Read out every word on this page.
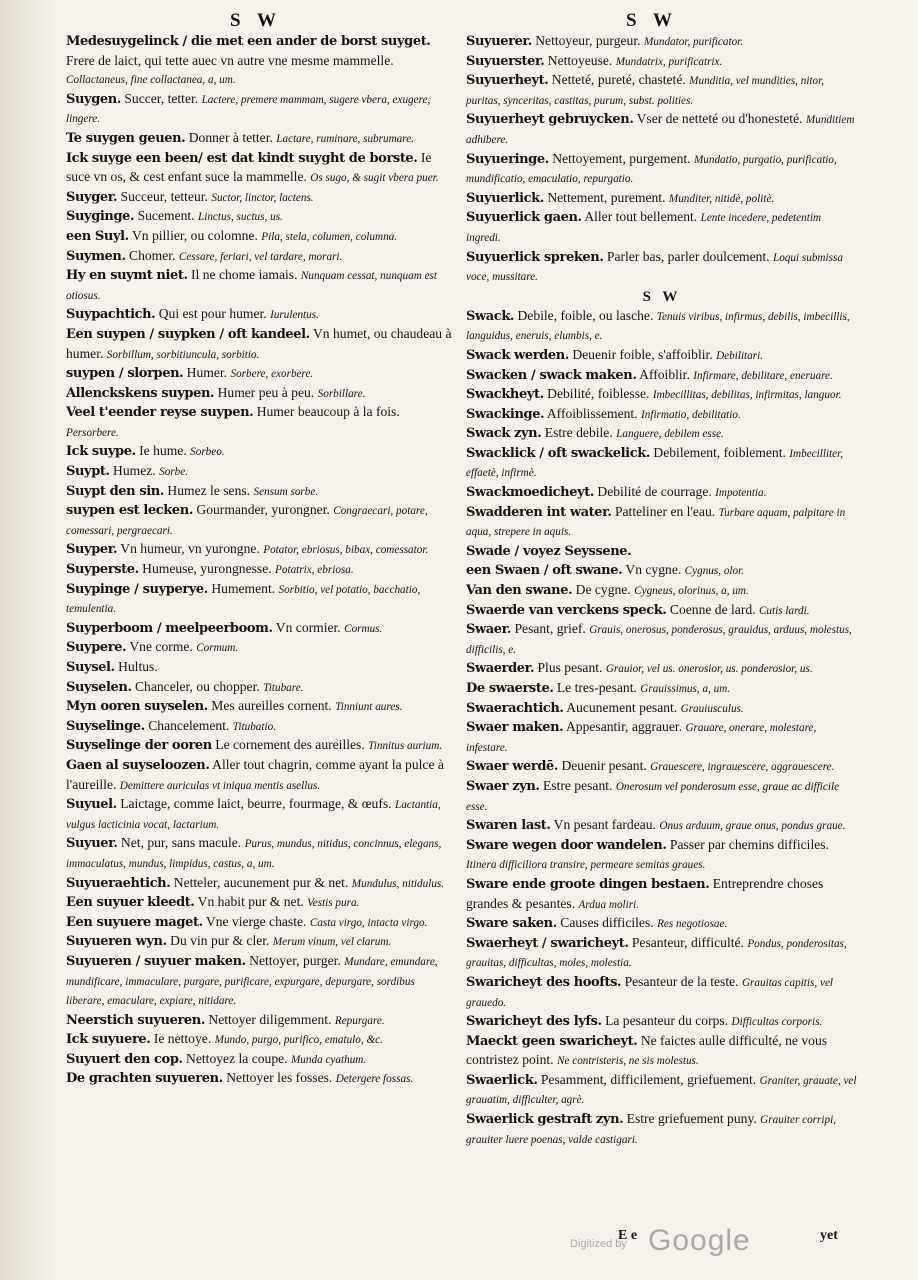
S W	S W

Medesuygelinck / die met een ander de borst suyget. Frere de laict, qui tette auec vn autre vne mesme mammelle. Collactaneus, fine collactanea, a, um.

Suygen. Succer, tetter. Lactere, premere mammam, sugere vbera, exugere, lingere.

Te suygen geuen. Donner à tetter. Lactare, ruminare, subrumare.

Ick suyge een been/ est dat kindt suyght de borste. Ie suce vn os, & cest enfant suce la mammelle. Os sugo, & sugit vbera puer.

Suyger. Succeur, tetteur. Suctor, linctor, lactens.

Suyginge. Sucement. Linctus, suctus, us.

een Suyl. Vn pillier, ou colomne. Pila, stela, columen, columna.

Suymen. Chomer. Cessare, feriari, vel tardare, morari.

Hy en suymt niet. Il ne chome iamais. Nunquam cessat, nunquam est otiosus.

Suypachtich. Qui est pour humer. Iurulentus.

Een suypen / suypken / oft kandeel. Vn humet, ou chaudeau à humer. Sorbillum, sorbitiuncula, sorbitio.

suypen / slorpen. Humer. Sorbere, exorbere.

Allenckskens suypen. Humer peu à peu. Sorbillare.

Veel t'eender reyse suypen. Humer beaucoup à la fois. Persorbere.

Ick suype. Ie hume. Sorbeo.

Suypt. Humez. Sorbe.

Suypt den sin. Humez le sens. Sensum sorbe.

suypen est lecken. Gourmander, yurongner. Congraecari, potare, comessari, pergraecari.

Suyper. Vn humeur, vn yurongne. Potator, ebriosus, bibax, comessator.

Suyperste. Humeuse, yurongnesse. Potatrix, ebriosa.

Suypinge / suyperye. Humement. Sorbitio, vel potatio, bacchatio, temulentia.

Suyperboom / meelpeerboom. Vn cormier. Cormus.

Suypere. Vne corme. Cormum.

Suysel. Hultus.

Suyselen. Chanceler, ou chopper. Titubare.

Myn ooren suyselen. Mes aureilles cornent. Tinniunt aures.

Suyselinge. Chancelement. Titubatio.

Suyselinge der ooren Le cornement des aureilles. Tinnitus aurium.

Gaen al suyseloozen. Aller tout chagrin, comme ayant la pulce à l'aureille. Demittere auriculas vt iniqua mentis asellus.

Suyuel. Laictage, comme laict, beurre, fourmage, & œufs. Lactantia, vulgus lacticinia vocat, lactarium.

Suyuer. Net, pur, sans macule. Purus, mundus, nitidus, concinnus, elegans, immaculatus, mundus, limpidus, castus, a, um.

Suyueraehtich. Netteler, aucunement pur & net. Mundulus, nitidulus.

Een suyuer kleedt. Vn habit pur & net. Vestis pura.

Een suyuere maget. Vne vierge chaste. Casta virgo, intacta virgo.

Suyueren wyn. Du vin pur & cler. Merum vinum, vel clarum.

Suyueren / suyuer maken. Nettoyer, purger. Mundare, emundare, mundificare, immaculare, purgare, purificare, expurgare, depurgare, sordibus liberare, emaculare, expiare, nitidare.

Neerstich suyueren. Nettoyer diligemment. Repurgare.

Ick suyuere. Ie nettoye. Mundo, purgo, purifico, ematulo, &c.

Suyuert den cop. Nettoyez la coupe. Munda cyathum.

De grachten suyueren. Nettoyer les fosses. Detergere fossas.

Suyuerer. Nettoyeur, purgeur. Mundator, purificator.

Suyuerster. Nettoyeuse. Mundatrix, purificatrix.

Suyuerheyt. Netteté, pureté, chasteté. Munditia, vel mundities, nitor, puritas, synceritas, castitas, purum, subst. polities.

Suyuerheyt gebruycken. Vser de netteté ou d'honesteté. Munditiem adhibere.

Suyueringe. Nettoyement, purgement. Mundatio, purgatio, purificatio, mundificatio, emaculatio, repurgatio.

Suyuerlick. Nettement, purement. Munditer, nitidè, politè.

Suyuerlick gaen. Aller tout bellement. Lente incedere, pedetentim ingredi.

Suyuerlick spreken. Parler bas, parler doulcement. Loqui submissa voce, mussitare.

S W

Swack. Debile, foible, ou lasche. Tenuis viribus, infirmus, debilis, imbecillis, languidus, eneruis, elumbis, e.

Swack werden. Deuenir foible, s'affoiblir. Debilitari.

Swacken / swack maken. Affoiblir. Infirmare, debilitare, eneruare.

Swackheyt. Debilité, foiblesse. Imbecillitas, debilitas, infirmitas, languor.

Swackinge. Affoiblissement. Infirmatio, debilitatio.

Swack zyn. Estre debile. Languere, debilem esse.

Swacklick / oft swackelick. Debilement, foiblement. Imbecilliter, effaetè, infirmè.

Swackmoedicheyt. Debilité de courrage. Impotentia.

Swadderen int water. Patteliner en l'eau. Turbare aquam, palpitare in aqua, strepere in aquis.

Swade / voyez Seyssene.

een Swaen / oft swane. Vn cygne. Cygnus, olor.

Van den swane. De cygne. Cygneus, olorinus, a, um.

Swaerde van verckens speck. Coenne de lard. Cutis lardi.

Swaer. Pesant, grief. Grauis, onerosus, ponderosus, grauidus, arduus, molestus, difficilis, e.

Swaerder. Plus pesant. Grauior, vel us. onerosior, us. ponderosior, us.

De swaerste. Le tres-pesant. Grauissimus, a, um.

Swaerachtich. Aucunement pesant. Grauiusculus.

Swaer maken. Appesantir, aggrauer. Grauare, onerare, molestare, infestare.

Swaer werdē. Deuenir pesant. Grauescere, ingrauescere, aggrauescere.

Swaer zyn. Estre pesant. Onerosum vel ponderosum esse, graue ac difficile esse.

Swaren last. Vn pesant fardeau. Onus arduum, graue onus, pondus graue.

Sware wegen door wandelen. Passer par chemins difficiles. Itinera difficiliora transire, permeare semitas graues.

Sware ende groote dingen bestaen. Entreprendre choses grandes & pesantes. Ardua moliri.

Sware saken. Causes difficiles. Res negotiosae.

Swaerheyt / swaricheyt. Pesanteur, difficulté. Pondus, ponderositas, grauitas, difficultas, moles, molestia.

Swaricheyt des hoofts. Pesanteur de la teste. Grauitas capitis, vel grauedo.

Swaricheyt des lyfs. La pesanteur du corps. Difficultas corporis.

Maeckt geen swaricheyt. Ne faictes aulle difficulté, ne vous contristez point. Ne contristeris, ne sis molestus.

Swaerlick. Pesamment, difficilement, griefuement. Graniter, grauate, vel grauatim, difficulter, agrè.

Swaerlick gestraft zyn. Estre griefuement puny. Grauiter corripi, grauiter luere poenas, valde castigari.

E e	yet
Digitized by Google
